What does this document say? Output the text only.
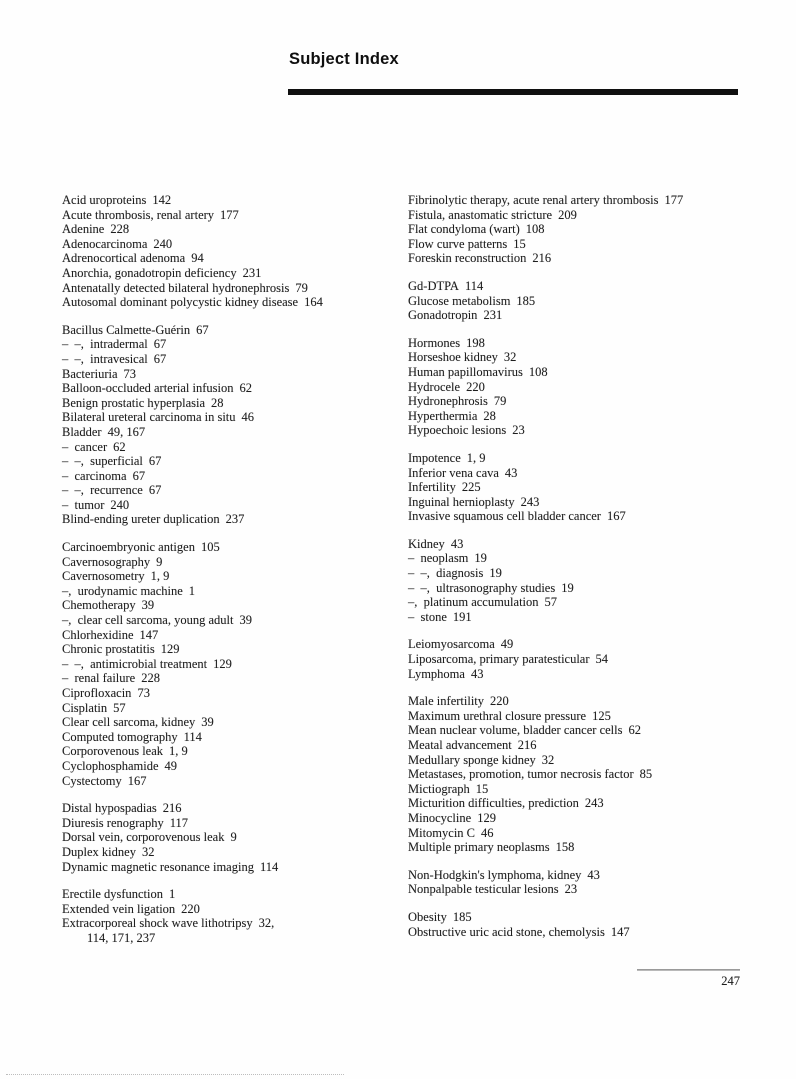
Subject Index
Acid uroproteins 142
Acute thrombosis, renal artery 177
Adenine 228
Adenocarcinoma 240
Adrenocortical adenoma 94
Anorchia, gonadotropin deficiency 231
Antenatally detected bilateral hydronephrosis 79
Autosomal dominant polycystic kidney disease 164
Bacillus Calmette-Guérin 67
–  –,  intradermal 67
–  –,  intravesical 67
Bacteriuria 73
Balloon-occluded arterial infusion 62
Benign prostatic hyperplasia 28
Bilateral ureteral carcinoma in situ 46
Bladder 49, 167
–  cancer 62
–  –,  superficial 67
–  carcinoma 67
–  –,  recurrence 67
–  tumor 240
Blind-ending ureter duplication 237
Carcinoembryonic antigen 105
Cavernosography 9
Cavernosometry 1, 9
–,  urodynamic machine 1
Chemotherapy 39
–,  clear cell sarcoma, young adult 39
Chlorhexidine 147
Chronic prostatitis 129
–  –,  antimicrobial treatment 129
–  renal failure 228
Ciprofloxacin 73
Cisplatin 57
Clear cell sarcoma, kidney 39
Computed tomography 114
Corporovenous leak 1, 9
Cyclophosphamide 49
Cystectomy 167
Distal hypospadias 216
Diuresis renography 117
Dorsal vein, corporovenous leak 9
Duplex kidney 32
Dynamic magnetic resonance imaging 114
Erectile dysfunction 1
Extended vein ligation 220
Extracorporeal shock wave lithotripsy 32,
114, 171, 237
Fibrinolytic therapy, acute renal artery thrombosis 177
Fistula, anastomatic stricture 209
Flat condyloma (wart) 108
Flow curve patterns 15
Foreskin reconstruction 216
Gd-DTPA 114
Glucose metabolism 185
Gonadotropin 231
Hormones 198
Horseshoe kidney 32
Human papillomavirus 108
Hydrocele 220
Hydronephrosis 79
Hyperthermia 28
Hypoechoic lesions 23
Impotence 1, 9
Inferior vena cava 43
Infertility 225
Inguinal hernioplasty 243
Invasive squamous cell bladder cancer 167
Kidney 43
–  neoplasm 19
–  –,  diagnosis 19
–  –,  ultrasonography studies 19
–,  platinum accumulation 57
–  stone 191
Leiomyosarcoma 49
Liposarcoma, primary paratesticular 54
Lymphoma 43
Male infertility 220
Maximum urethral closure pressure 125
Mean nuclear volume, bladder cancer cells 62
Meatal advancement 216
Medullary sponge kidney 32
Metastases, promotion, tumor necrosis factor 85
Mictiograph 15
Micturition difficulties, prediction 243
Minocycline 129
Mitomycin C 46
Multiple primary neoplasms 158
Non-Hodgkin's lymphoma, kidney 43
Nonpalpable testicular lesions 23
Obesity 185
Obstructive uric acid stone, chemolysis 147
247
